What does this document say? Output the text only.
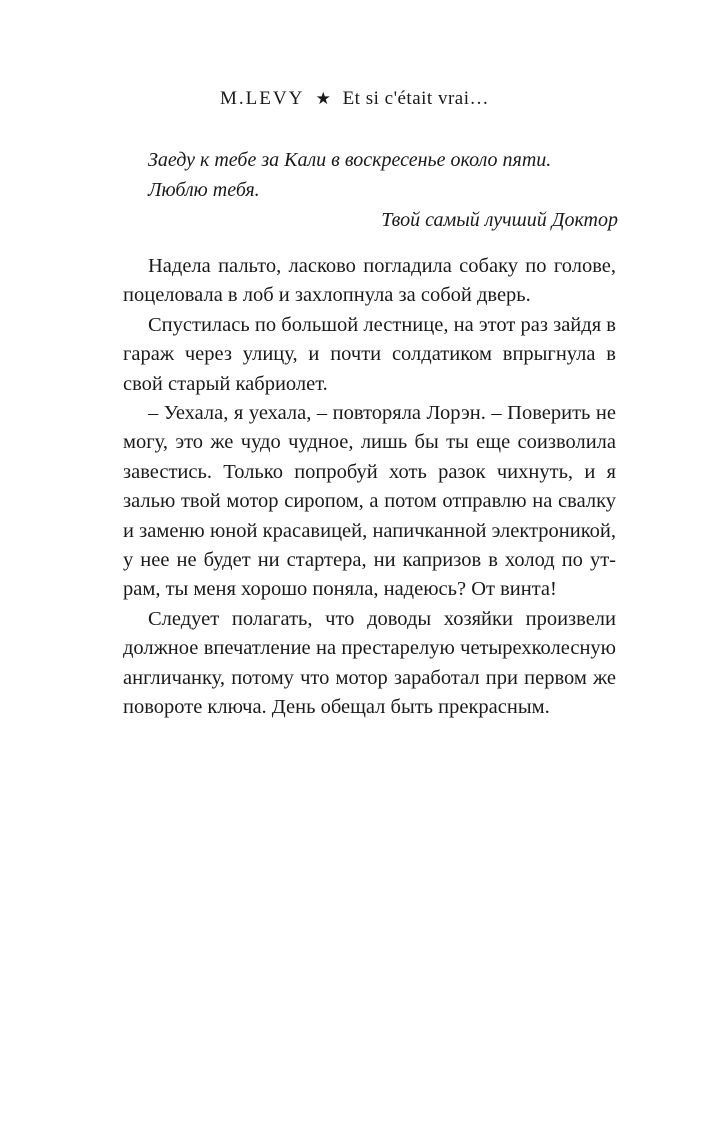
M.LEVY ★ Et si c'était vrai…

Заеду к тебе за Кали в воскресенье около пяти.

Люблю тебя.

Твой самый лучший Доктор

Надела пальто, ласково погладила собаку по голове, поцеловала в лоб и захлопнула за собой дверь.

Спустилась по большой лестнице, на этот раз зайдя в гараж через улицу, и почти солдатиком впрыгнула в свой старый кабриолет.

– Уехала, я уехала, – повторяла Лорэн. – Поверить не могу, это же чудо чудное, лишь бы ты еще соизволила завестись. Только попробуй хоть разок чихнуть, и я залью твой мотор сиропом, а потом отправлю на свалку и заменю юной красавицей, напичканной электроникой, у нее не будет ни стартера, ни капризов в холод по утрам, ты меня хорошо поняла, надеюсь? От винта!

Следует полагать, что доводы хозяйки произвели должное впечатление на престарелую четырехколесную англичанку, потому что мотор заработал при первом же повороте ключа. День обещал быть прекрасным.
